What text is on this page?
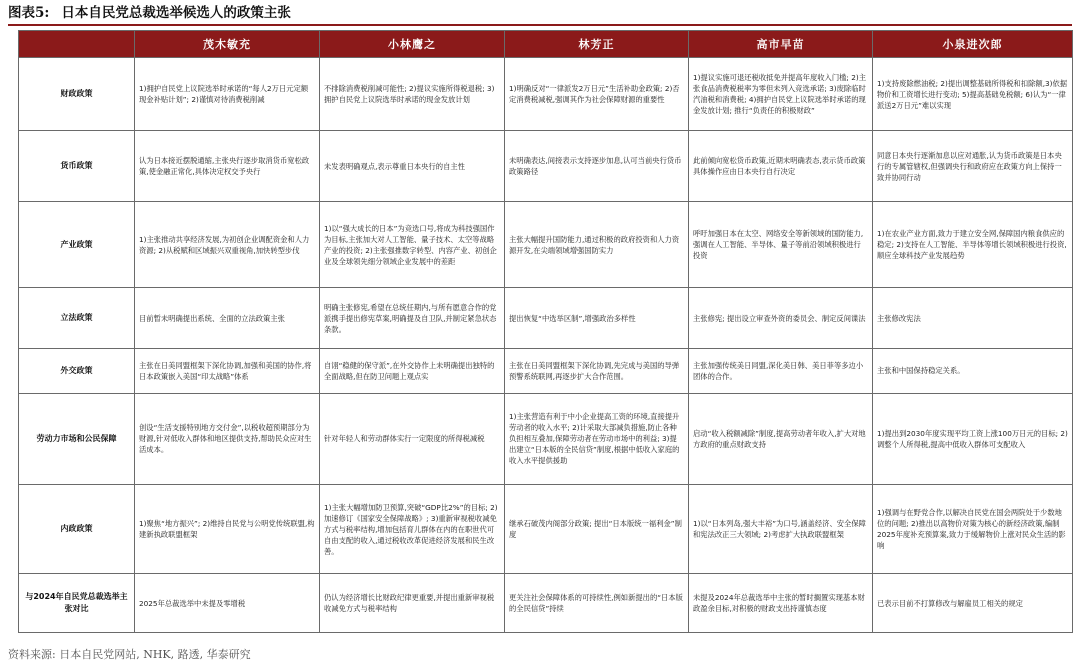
图表5: 日本自民党总裁选举候选人的政策主张
	茂木敏充	小林鹰之	林芳正	高市早苗	小泉进次郎
财政政策	1)拥护自民党上议院选举时承诺的“每人2万日元定额现金补贴计划”; 2)谨慎对待消费税削减	不排除消费税削减可能性; 2)提议实施所得税退税; 3)拥护自民党上议院选举时承诺的现金发放计划	1)明确反对“一律派发2万日元”生活补助金政策; 2)否定消费税减税,强调其作为社会保障财源的重要性	1)提议实施可退还税收抵免并提高年度收入门槛; 2)主张食品消费税税率为零但未列入竞选承诺; 3)废除临时汽油税和消费税; 4)拥护自民党上议院选举时承诺的现金发放计划; 推行“负责任的积极财政”	1)支持废除燃油税; 2)提出调整基础所得税和扣除额,3)依据物价和工资增长进行变动; 5)提高基础免税额; 6)认为“一律派送2万日元”难以实现
货币政策	认为日本接近摆脱通缩,主张央行逐步取消货币宽松政策,使金融正常化,具体决定权交予央行	未发表明确观点,表示尊重日本央行的自主性	未明确表达,间接表示支持逐步加息,认可当前央行货币政策路径	此前倾向宽松货币政策,近期未明确表态,表示货币政策具体操作应由日本央行自行决定	同意日本央行逐渐加息以应对通胀,认为货币政策是日本央行的专属管辖权,但强调央行和政府应在政策方向上保持一致并协同行动
产业政策	1)主张推动共享经济发展,为初创企业调配资金和人力资源; 2)从税赋和区域振兴双重视角,加快转型步伐	1)以“强大成长的日本”为竞选口号,将成为科技强国作为目标,主张加大对人工智能、量子技术、太空等战略产业的投资; 2)主张强推数字转型、内容产业、初创企业及全球领先细分领域企业发展中的差距	主张大幅提升国防能力,通过积极的政府投资和人力资源开发,在尖端领域增强国防实力	呼吁加强日本在太空、网络安全等新领域的国防能力,强调在人工智能、半导体、量子等前沿领域积极进行投资	1)在农业产业方面,致力于建立安全网,保障国内粮食供应的稳定; 2)支持在人工智能、半导体等增长领域积极进行投资,顺应全球科技产业发展趋势
立法政策	目前暂未明确提出系统、全面的立法政策主张	明确主张修宪,希望在总统任期内,与所有愿意合作的党派携手提出修宪草案,明确提及自卫队,并制定紧急状态条款。	提出恢复“中选举区制”,增强政治多样性	主张修宪; 提出设立审查外资的委员会、制定反间谍法	主张修改宪法
外交政策	主张在日美同盟框架下深化协调,加强和美国的协作,将日本政策嵌入美国“印太战略”体系	自诩“稳健的保守派”,在外交协作上未明确提出独特的全面战略,但在防卫问题上观点实	主张在日美同盟框架下深化协调,先完成与美国的导弹预警系统联网,再逐步扩大合作范围。	主张加强传统美日同盟,深化美日韩、美日菲等多边小团体的合作。	主张和中国保持稳定关系。
劳动力市场和公民保障	创设“生活支援特别地方交付金”,以税收超预期部分为财源,针对低收入群体和地区提供支持,帮助民众应对生活成本。	针对年轻人和劳动群体实行一定限度的所得税减税	1)主张营造有利于中小企业提高工资的环境,直接提升劳动者的收入水平; 2)计采取大部减负措施,防止各种负担相互叠加,保障劳动者在劳动市场中的利益; 3)提出建立“日本版的全民信贷”制度,根据中低收入家庭的收入水平提供援助	启动“收入税额减除”制度,提高劳动者年收入,扩大对地方政府的重点财政支持	1)提出到2030年度实现平均工资上涨100万日元的目标; 2)调整个人所得税,提高中低收入群体可支配收入
内政政策	1)聚焦“地方振兴”; 2)维持自民党与公明党传统联盟,构建新执政联盟框架	1)主张大幅增加防卫预算,突破“GDP比2%”的目标; 2)加速修订《国家安全保障战略》; 3)重新审视税收减免方式与税率结构,增加包括育儿群体在内的在职世代可自由支配的收入,通过税收改革促进经济发展和民生改善。	继承石破茂内阁部分政策; 提出“日本版统一福利金”制度	1)以“日本列岛,强大丰裕”为口号,涵盖经济、安全保障和宪法改正三大领域; 2)考虑扩大执政联盟框架	1)强调与在野党合作,以解决自民党在国会两院处于少数地位的问题; 2)推出以高物价对策为核心的新经济政策,编制2025年度补充预算案,致力于缓解物价上涨对民众生活的影响
与2024年自民党总裁选举主张对比	2025年总裁选举中未提及零增税	仍认为经济增长比财政纪律更重要,并提出重新审视税收减免方式与税率结构	更关注社会保障体系的可持续性,例如新提出的“日本版的全民信贷”持续	未提及2024年总裁选举中主张的暂时搁置实现基本财政盈余目标,对积极的财政支出持谨慎态度	已表示目前不打算修改与解雇员工相关的规定
资料来源: 日本自民党网站, NHK, 路透, 华泰研究
